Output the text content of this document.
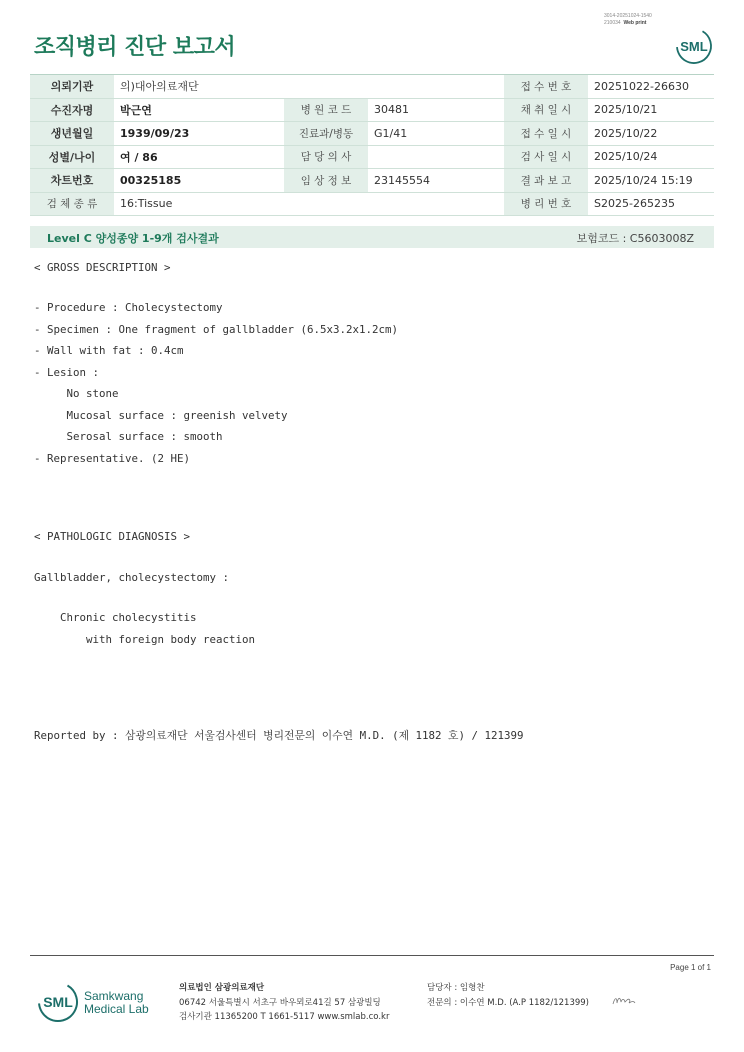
3014-20251024-1540
210034 Web print
조직병리 진단 보고서	SML
의뢰기관	의)대아의료재단			접 수 번 호	20251022-26630
수진자명	박근연	병 원 코 드	30481	채 취 일 시	2025/10/21
생년월일	1939/09/23	진료과/병동	G1/41	접 수 일 시	2025/10/22
성별/나이	여 / 86	담 당 의 사		검 사 일 시	2025/10/24
차트번호	00325185	임 상 정 보	23145554	결 과 보 고	2025/10/24 15:19
검 체 종 류	16:Tissue			병 리 번 호	S2025-265235
Level C 양성종양 1-9개 검사결과	보험코드 : C5603008Z
< GROSS DESCRIPTION >
- Procedure : Cholecystectomy
- Specimen : One fragment of gallbladder (6.5x3.2x1.2cm)
- Wall with fat : 0.4cm
- Lesion :
No stone
Mucosal surface : greenish velvety
Serosal surface : smooth
- Representative. (2 HE)
< PATHOLOGIC DIAGNOSIS >
Gallbladder, cholecystectomy :
Chronic cholecystitis
with foreign body reaction
Reported by : 삼광의료재단 서울검사센터 병리전문의 이수연 M.D. (제 1182 호) / 121399
Page 1 of 1
SML Samkwang
Medical Lab
의료법인 삼광의료재단
06742 서울특별시 서초구 바우뫼로41길 57 삼광빌딩
검사기관 11365200 T 1661-5117 www.smlab.co.kr
담당자 : 임형찬
전문의 : 이수연 M.D. (A.P 1182/121399)
